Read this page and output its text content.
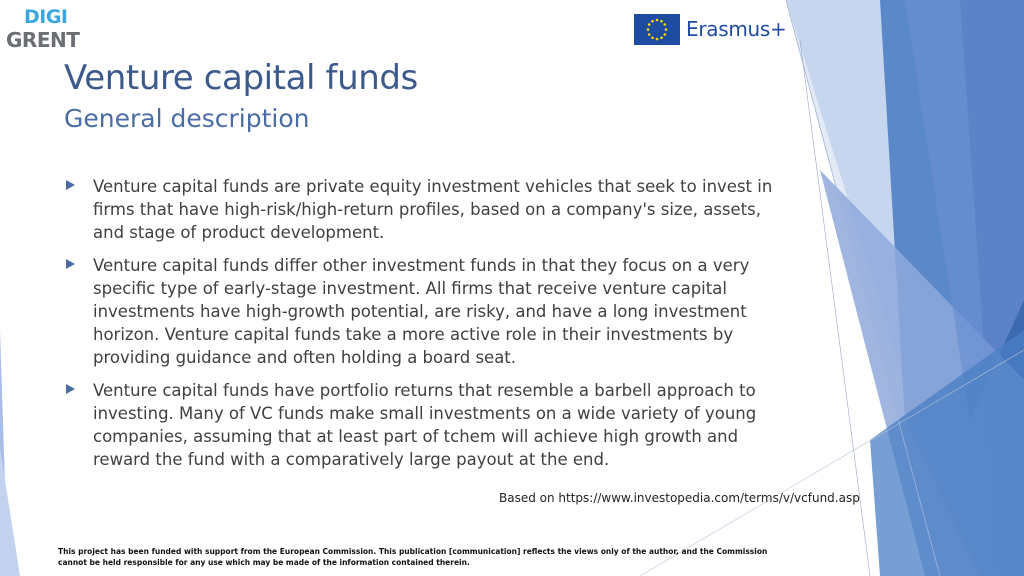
DIGI
GRENT	Erasmus+
Venture capital funds
General description
Venture capital funds are private equity investment vehicles that seek to invest in firms that have high-risk/high-return profiles, based on a company's size, assets, and stage of product development.
Venture capital funds differ other investment funds in that they focus on a very specific type of early-stage investment. All firms that receive venture capital investments have high-growth potential, are risky, and have a long investment horizon. Venture capital funds take a more active role in their investments by providing guidance and often holding a board seat.
Venture capital funds have portfolio returns that resemble a barbell approach to investing. Many of VC funds make small investments on a wide variety of young companies, assuming that at least part of tchem will achieve high growth and reward the fund with a comparatively large payout at the end.
Based on https://www.investopedia.com/terms/v/vcfund.asp
This project has been funded with support from the European Commission. This publication [communication] reflects the views only of the author, and the Commission cannot be held responsible for any use which may be made of the information contained therein.
